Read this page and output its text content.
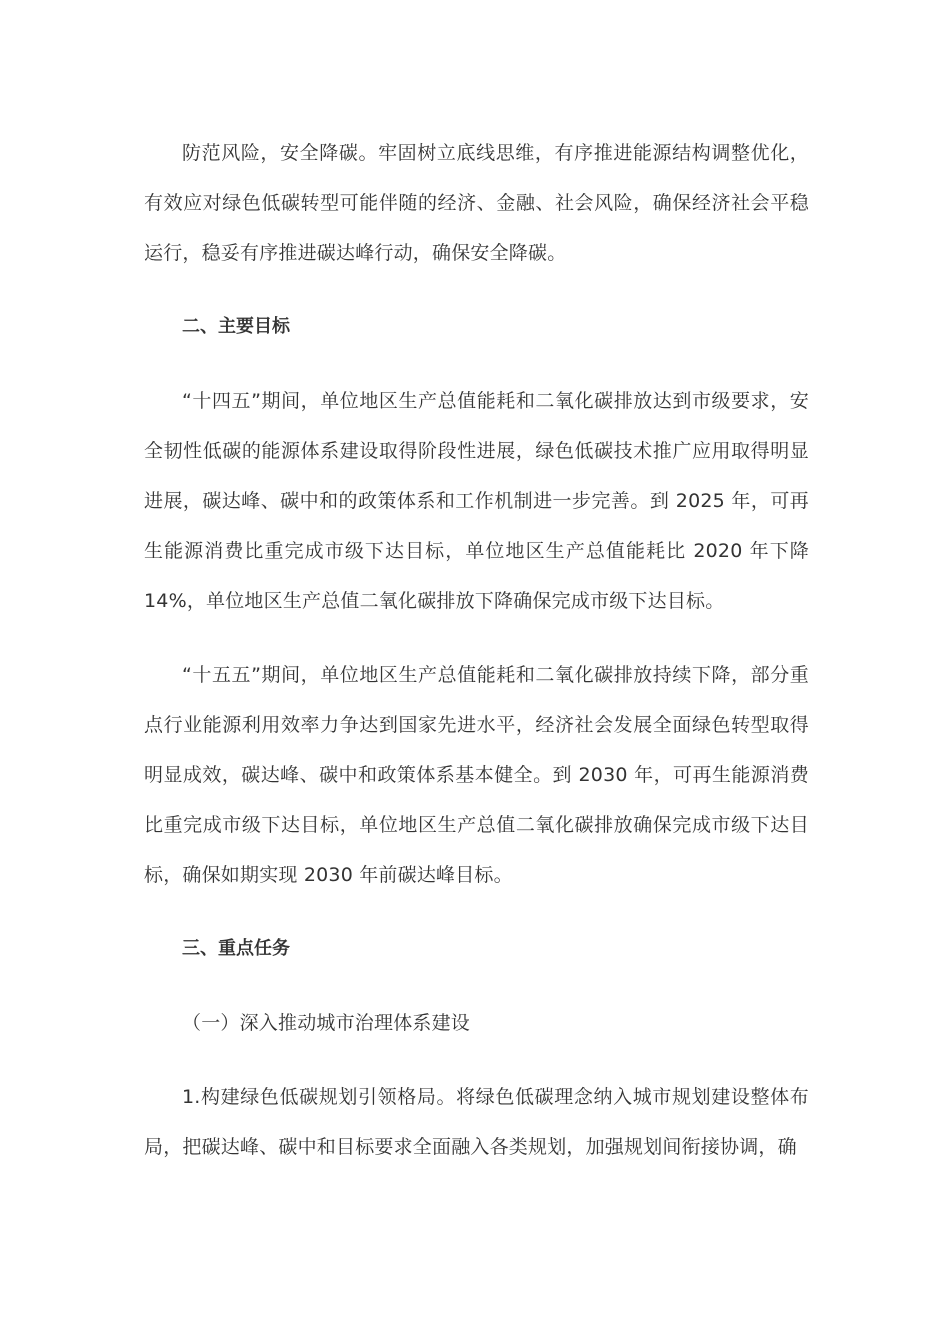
防范风险，安全降碳。牢固树立底线思维，有序推进能源结构调整优化，有效应对绿色低碳转型可能伴随的经济、金融、社会风险，确保经济社会平稳运行，稳妥有序推进碳达峰行动，确保安全降碳。

二、主要目标

“十四五”期间，单位地区生产总值能耗和二氧化碳排放达到市级要求，安全韧性低碳的能源体系建设取得阶段性进展，绿色低碳技术推广应用取得明显进展，碳达峰、碳中和的政策体系和工作机制进一步完善。到 2025 年，可再生能源消费比重完成市级下达目标，单位地区生产总值能耗比 2020 年下降 14%，单位地区生产总值二氧化碳排放下降确保完成市级下达目标。

“十五五”期间，单位地区生产总值能耗和二氧化碳排放持续下降，部分重点行业能源利用效率力争达到国家先进水平，经济社会发展全面绿色转型取得明显成效，碳达峰、碳中和政策体系基本健全。到 2030 年，可再生能源消费比重完成市级下达目标，单位地区生产总值二氧化碳排放确保完成市级下达目标，确保如期实现 2030 年前碳达峰目标。

三、重点任务

（一）深入推动城市治理体系建设

1.构建绿色低碳规划引领格局。将绿色低碳理念纳入城市规划建设整体布局，把碳达峰、碳中和目标要求全面融入各类规划，加强规划间衔接协调，确
